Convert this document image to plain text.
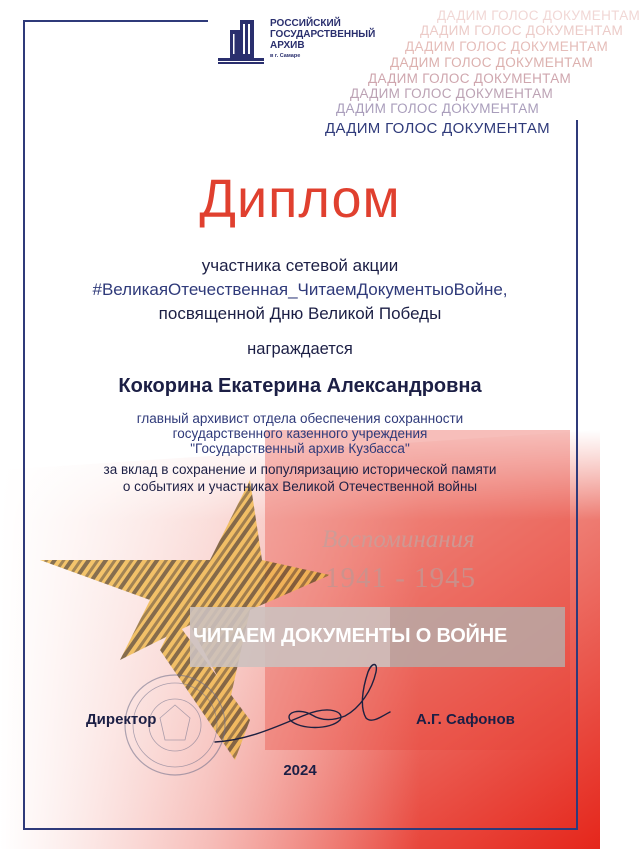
РОССИЙСКИЙ
ГОСУДАРСТВЕННЫЙ
АРХИВ
в г. Самаре
ДАДИМ ГОЛОС ДОКУМЕНТАМ
ДАДИМ ГОЛОС ДОКУМЕНТАМ
ДАДИМ ГОЛОС ДОКУМЕНТАМ
ДАДИМ ГОЛОС ДОКУМЕНТАМ
ДАДИМ ГОЛОС ДОКУМЕНТАМ
ДАДИМ ГОЛОС ДОКУМЕНТАМ
ДАДИМ ГОЛОС ДОКУМЕНТАМ
ДАДИМ ГОЛОС ДОКУМЕНТАМ
Диплом
участника сетевой акции
#ВеликаяОтечественная_ЧитаемДокументыоВойне,
посвященной Дню Великой Победы
награждается
Кокорина Екатерина Александровна
главный архивист отдела обеспечения сохранности
государственного казенного учреждения
"Государственный архив Кузбасса"
за вклад в сохранение и популяризацию исторической памяти
о событиях и участниках Великой Отечественной войны
Воспоминания
1941 - 1945
ЧИТАЕМ ДОКУМЕНТЫ О ВОЙНЕ
Директор	А.Г. Сафонов
2024
